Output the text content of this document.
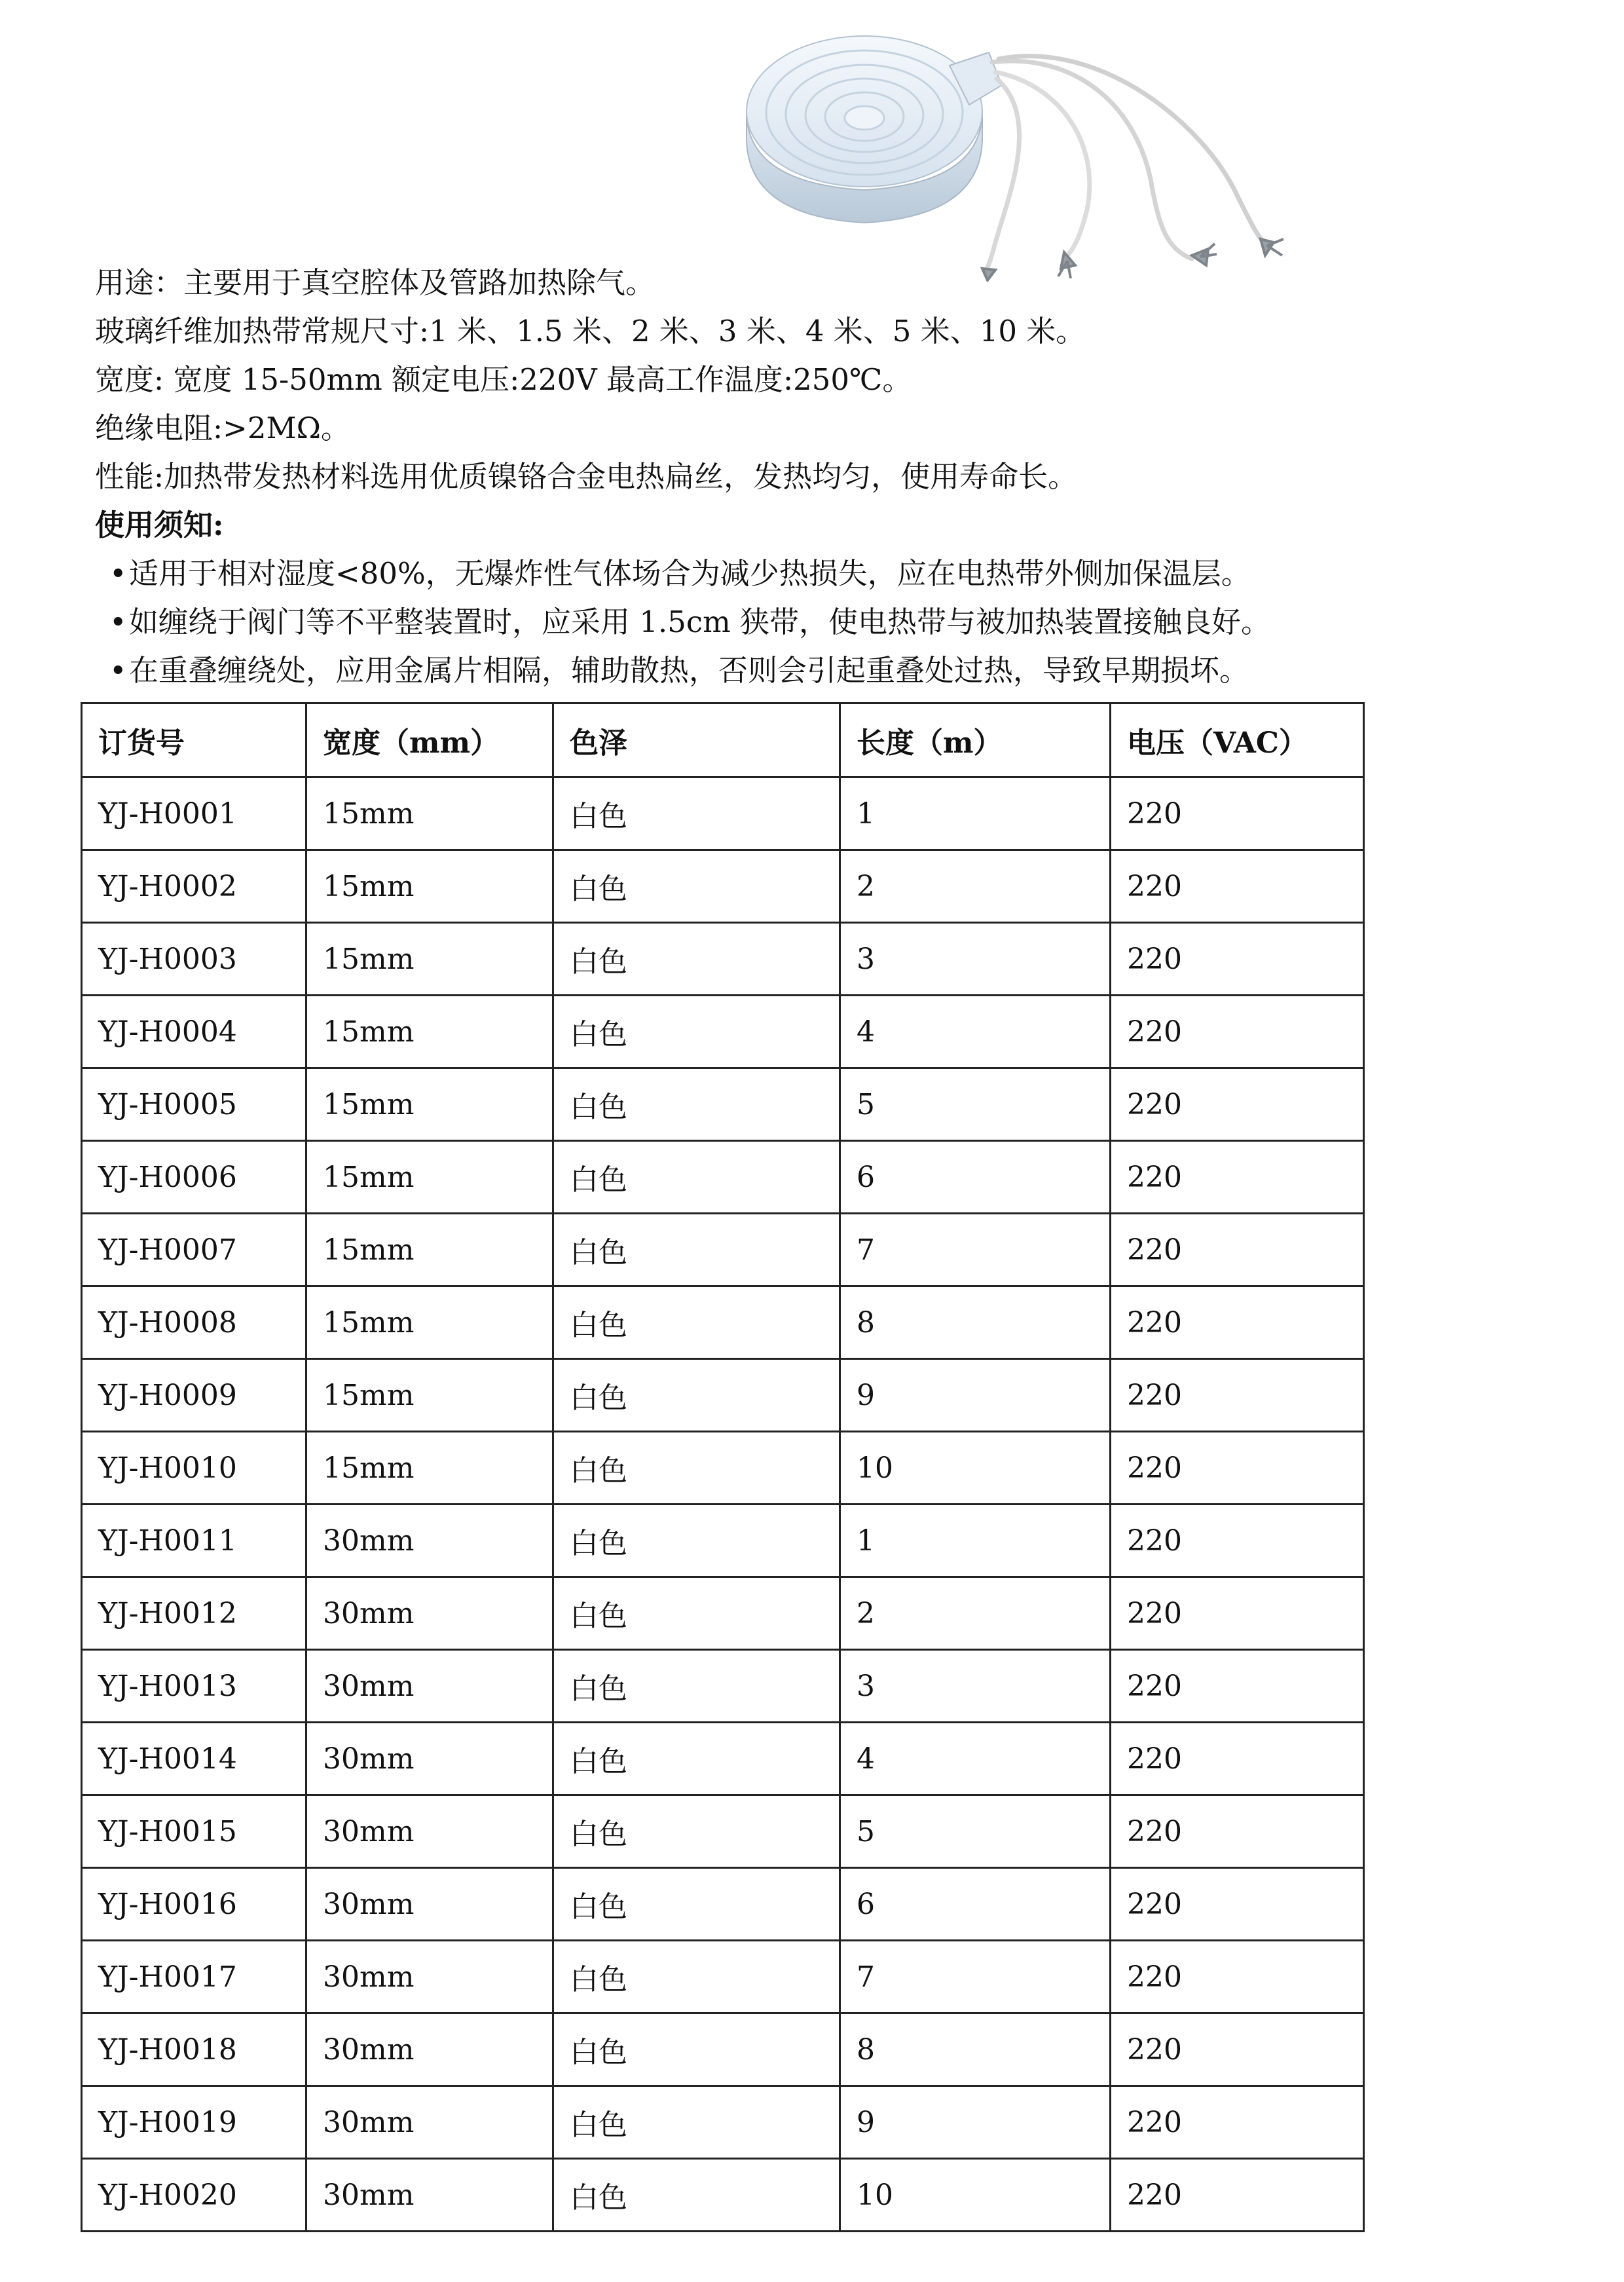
用途：主要用于真空腔体及管路加热除气。
玻璃纤维加热带常规尺寸:1 米、1.5 米、2 米、3 米、4 米、5 米、10 米。
宽度: 宽度 15-50mm 额定电压:220V 最高工作温度:250℃。
绝缘电阻:>2MΩ。
性能:加热带发热材料选用优质镍铬合金电热扁丝，发热均匀，使用寿命长。
使用须知:
•适用于相对湿度<80%，无爆炸性气体场合为减少热损失，应在电热带外侧加保温层。
•如缠绕于阀门等不平整装置时，应采用 1.5cm 狭带，使电热带与被加热装置接触良好。
•在重叠缠绕处，应用金属片相隔，辅助散热，否则会引起重叠处过热，导致早期损坏。
订货号	宽度（mm）	色泽	长度（m）	电压（VAC）
YJ-H0001	15mm	白色	1	220
YJ-H0002	15mm	白色	2	220
YJ-H0003	15mm	白色	3	220
YJ-H0004	15mm	白色	4	220
YJ-H0005	15mm	白色	5	220
YJ-H0006	15mm	白色	6	220
YJ-H0007	15mm	白色	7	220
YJ-H0008	15mm	白色	8	220
YJ-H0009	15mm	白色	9	220
YJ-H0010	15mm	白色	10	220
YJ-H0011	30mm	白色	1	220
YJ-H0012	30mm	白色	2	220
YJ-H0013	30mm	白色	3	220
YJ-H0014	30mm	白色	4	220
YJ-H0015	30mm	白色	5	220
YJ-H0016	30mm	白色	6	220
YJ-H0017	30mm	白色	7	220
YJ-H0018	30mm	白色	8	220
YJ-H0019	30mm	白色	9	220
YJ-H0020	30mm	白色	10	220
